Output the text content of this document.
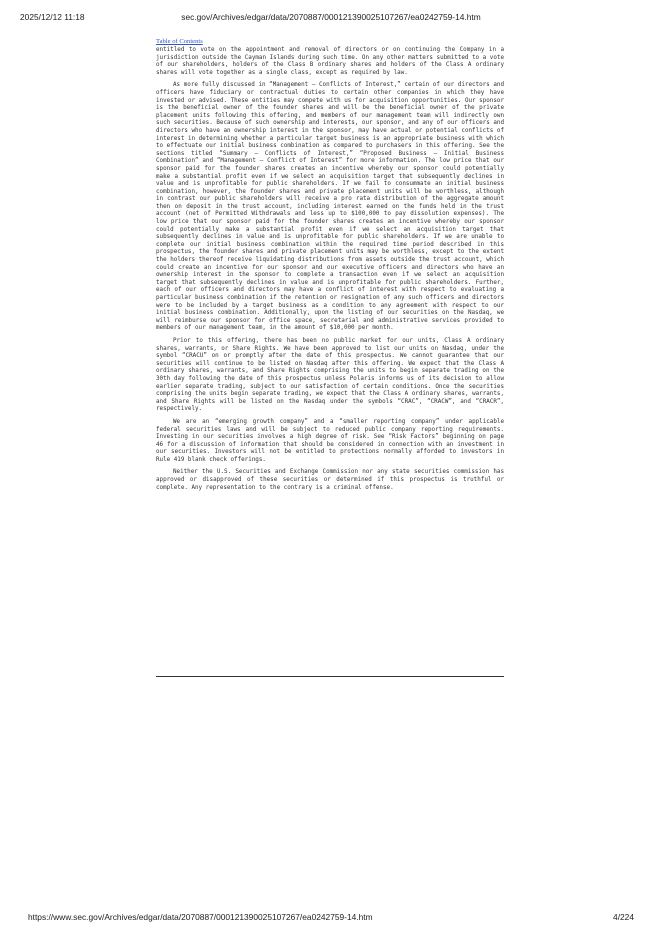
2025/12/12 11:18	sec.gov/Archives/edgar/data/2070887/000121390025107267/ea0242759-14.htm
Table of Contents

entitled to vote on the appointment and removal of directors or on continuing the Company in a jurisdiction outside the Cayman Islands during such time. On any other matters submitted to a vote of our shareholders, holders of the Class B ordinary shares and holders of the Class A ordinary shares will vote together as a single class, except as required by law.

As more fully discussed in “Management — Conflicts of Interest,” certain of our directors and officers have fiduciary or contractual duties to certain other companies in which they have invested or advised. These entities may compete with us for acquisition opportunities. Our sponsor is the beneficial owner of the founder shares and will be the beneficial owner of the private placement units following this offering, and members of our management team will indirectly own such securities. Because of such ownership and interests, our sponsor, and any of our officers and directors who have an ownership interest in the sponsor, may have actual or potential conflicts of interest in determining whether a particular target business is an appropriate business with which to effectuate our initial business combination as compared to purchasers in this offering. See the sections titled “Summary — Conflicts of Interest,” “Proposed Business — Initial Business Combination” and “Management — Conflict of Interest” for more information. The low price that our sponsor paid for the founder shares creates an incentive whereby our sponsor could potentially make a substantial profit even if we select an acquisition target that subsequently declines in value and is unprofitable for public shareholders. If we fail to consummate an initial business combination, however, the founder shares and private placement units will be worthless, although in contrast our public shareholders will receive a pro rata distribution of the aggregate amount then on deposit in the trust account, including interest earned on the funds held in the trust account (net of Permitted Withdrawals and less up to $100,000 to pay dissolution expenses). The low price that our sponsor paid for the founder shares creates an incentive whereby our sponsor could potentially make a substantial profit even if we select an acquisition target that subsequently declines in value and is unprofitable for public shareholders. If we are unable to complete our initial business combination within the required time period described in this prospectus, the founder shares and private placement units may be worthless, except to the extent the holders thereof receive liquidating distributions from assets outside the trust account, which could create an incentive for our sponsor and our executive officers and directors who have an ownership interest in the sponsor to complete a transaction even if we select an acquisition target that subsequently declines in value and is unprofitable for public shareholders. Further, each of our officers and directors may have a conflict of interest with respect to evaluating a particular business combination if the retention or resignation of any such officers and directors were to be included by a target business as a condition to any agreement with respect to our initial business combination. Additionally, upon the listing of our securities on the Nasdaq, we will reimburse our sponsor for office space, secretarial and administrative services provided to members of our management team, in the amount of $10,000 per month.

Prior to this offering, there has been no public market for our units, Class A ordinary shares, warrants, or Share Rights. We have been approved to list our units on Nasdaq, under the symbol “CRACU” on or promptly after the date of this prospectus. We cannot guarantee that our securities will continue to be listed on Nasdaq after this offering. We expect that the Class A ordinary shares, warrants, and Share Rights comprising the units to begin separate trading on the 30th day following the date of this prospectus unless Polaris informs us of its decision to allow earlier separate trading, subject to our satisfaction of certain conditions. Once the securities comprising the units begin separate trading, we expect that the Class A ordinary shares, warrants, and Share Rights will be listed on the Nasdaq under the symbols “CRAC”, “CRACW”, and “CRACR”, respectively.

We are an “emerging growth company” and a “smaller reporting company” under applicable federal securities laws and will be subject to reduced public company reporting requirements. Investing in our securities involves a high degree of risk. See “Risk Factors” beginning on page 46 for a discussion of information that should be considered in connection with an investment in our securities. Investors will not be entitled to protections normally afforded to investors in Rule 419 blank check offerings.

Neither the U.S. Securities and Exchange Commission nor any state securities commission has approved or disapproved of these securities or determined if this prospectus is truthful or complete. Any representation to the contrary is a criminal offense.

https://www.sec.gov/Archives/edgar/data/2070887/000121390025107267/ea0242759-14.htm	4/224
